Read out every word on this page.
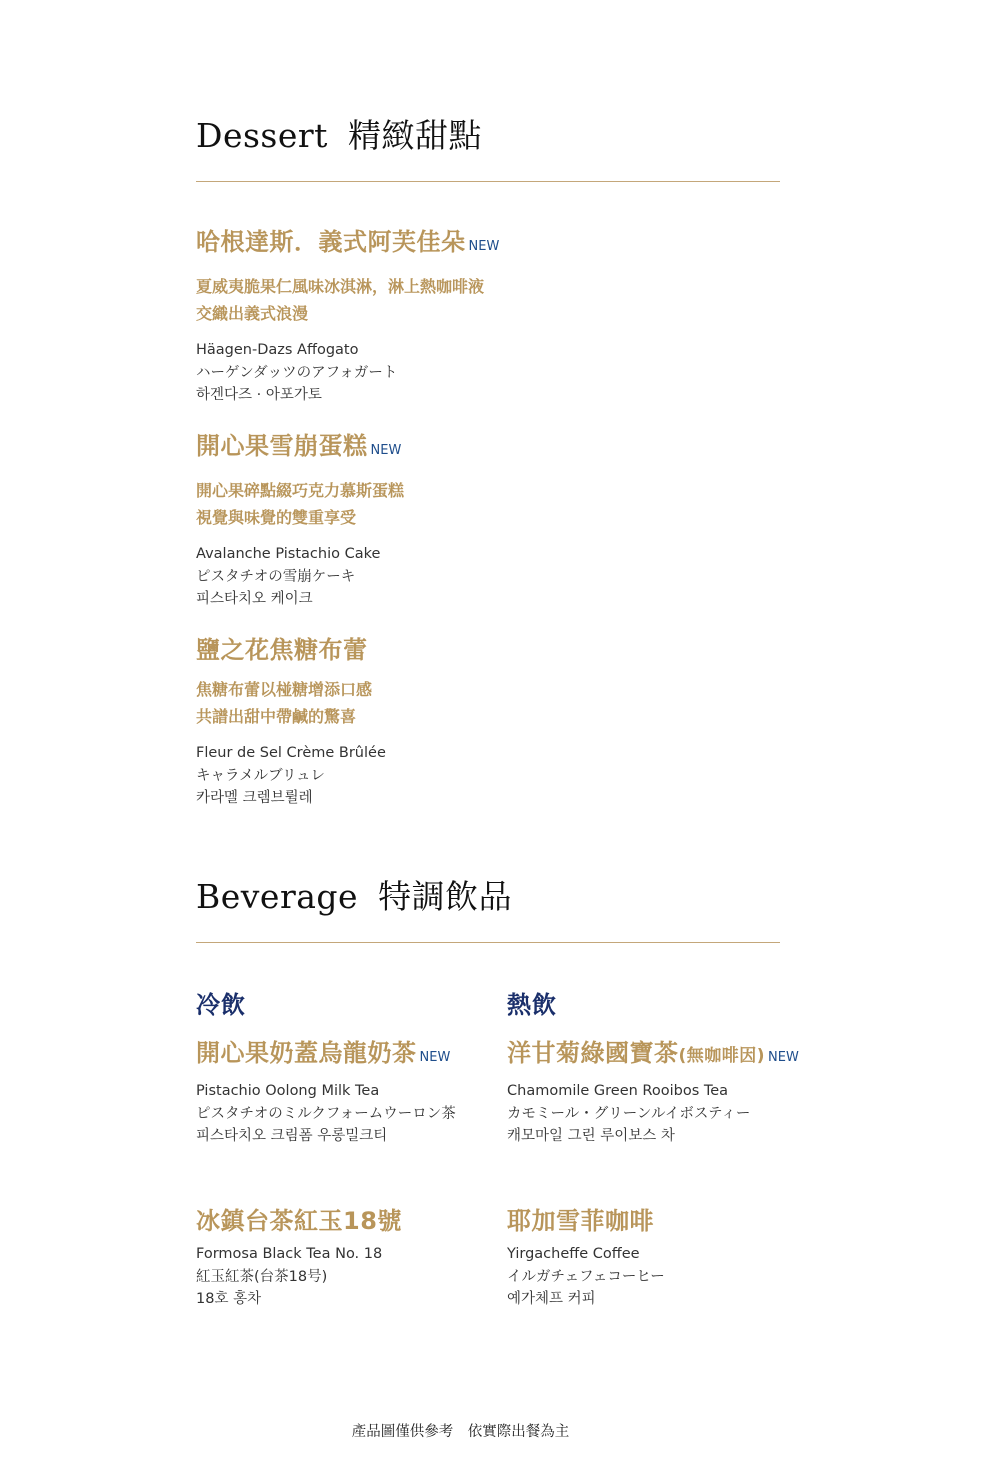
Dessert 精緻甜點
哈根達斯．義式阿芙佳朵 NEW
夏威夷脆果仁風味冰淇淋，淋上熱咖啡液
交織出義式浪漫
Häagen-Dazs Affogato
ハーゲンダッツのアフォガート
하겐다즈 · 아포가토
開心果雪崩蛋糕 NEW
開心果碎點綴巧克力慕斯蛋糕
視覺與味覺的雙重享受
Avalanche Pistachio Cake
ピスタチオの雪崩ケーキ
피스타치오 케이크
鹽之花焦糖布蕾
焦糖布蕾以椪糖增添口感
共譜出甜中帶鹹的驚喜
Fleur de Sel Crème Brûlée
キャラメルブリュレ
카라멜 크렘브륄레
Beverage 特調飲品
冷飲	熱飲
開心果奶蓋烏龍奶茶 NEW
Pistachio Oolong Milk Tea
ピスタチオのミルクフォームウーロン茶
피스타치오 크림폼 우롱밀크티
冰鎮台茶紅玉18號
Formosa Black Tea No. 18
紅玉紅茶(台茶18号)
18호 홍차
洋甘菊綠國寶茶(無咖啡因) NEW
Chamomile Green Rooibos Tea
カモミール・グリーンルイボスティー
캐모마일 그린 루이보스 차
耶加雪菲咖啡
Yirgacheffe Coffee
イルガチェフェコーヒー
예가체프 커피
產品圖僅供參考　依實際出餐為主
